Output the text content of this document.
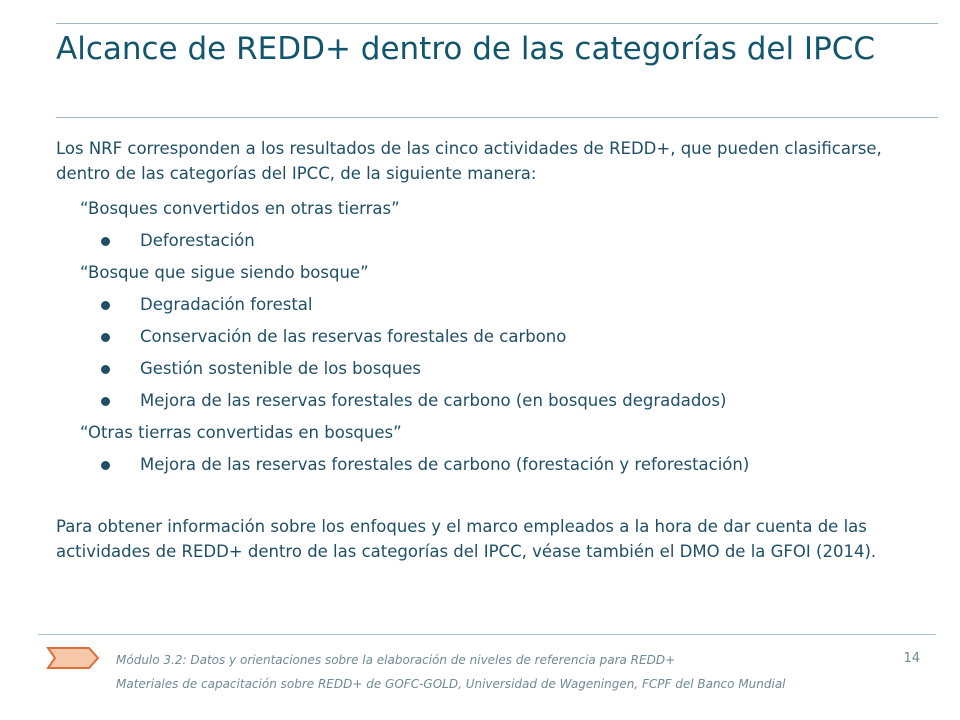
Alcance de REDD+ dentro de las categorías del IPCC

Los NRF corresponden a los resultados de las cinco actividades de REDD+, que pueden clasificarse, dentro de las categorías del IPCC, de la siguiente manera:

“Bosques convertidos en otras tierras”
Deforestación
“Bosque que sigue siendo bosque”
Degradación forestal
Conservación de las reservas forestales de carbono
Gestión sostenible de los bosques
Mejora de las reservas forestales de carbono (en bosques degradados)
“Otras tierras convertidas en bosques”
Mejora de las reservas forestales de carbono (forestación y reforestación)

Para obtener información sobre los enfoques y el marco empleados a la hora de dar cuenta de las actividades de REDD+ dentro de las categorías del IPCC, véase también el DMO de la GFOI (2014).

Módulo 3.2: Datos y orientaciones sobre la elaboración de niveles de referencia para REDD+	14
Materiales de capacitación sobre REDD+ de GOFC-GOLD, Universidad de Wageningen, FCPF del Banco Mundial
